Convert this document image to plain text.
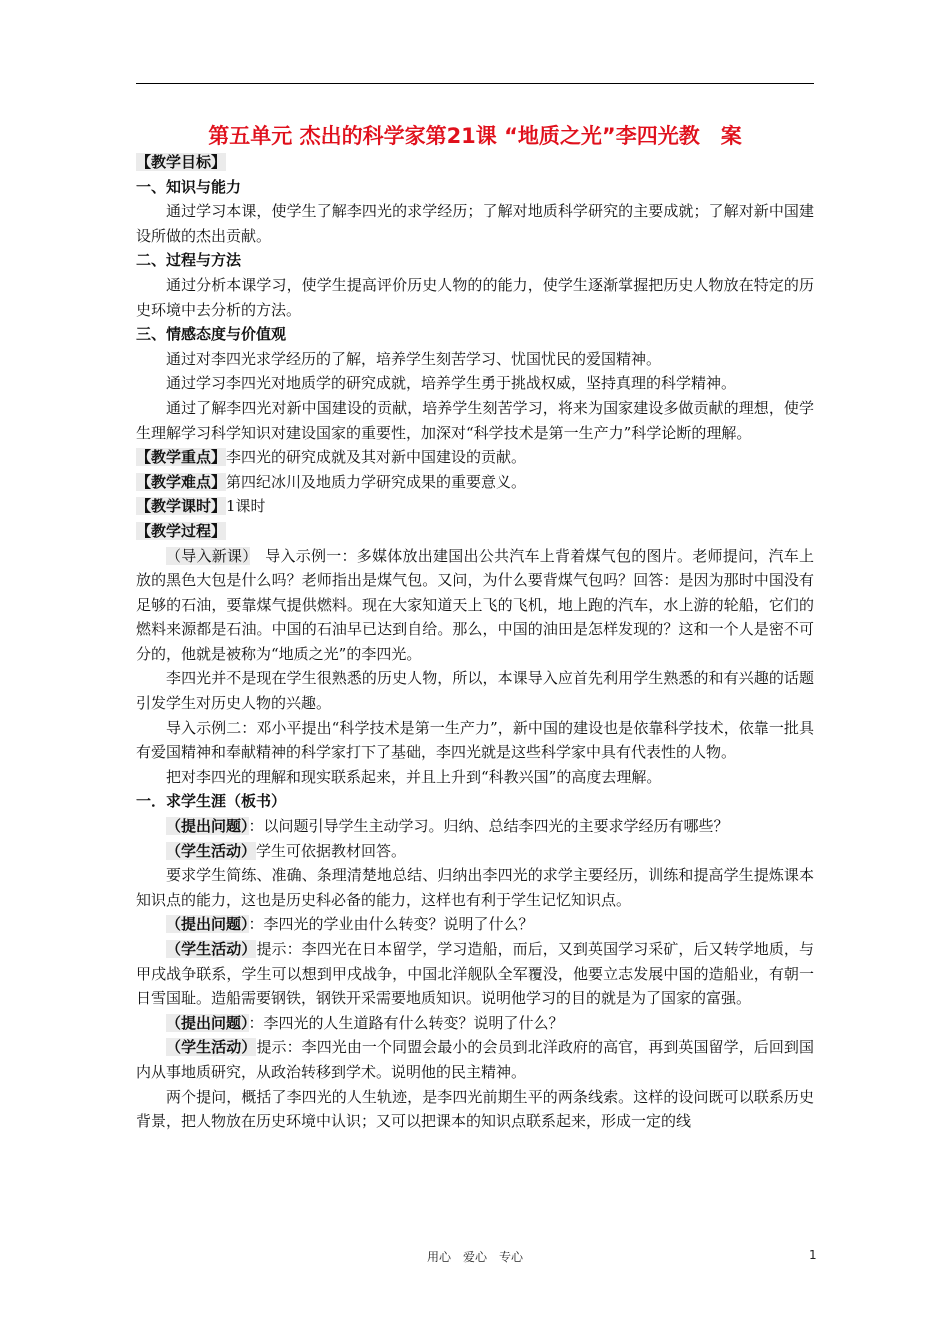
第五单元 杰出的科学家第21课 “地质之光”李四光教　案

【教学目标】

一、知识与能力

通过学习本课，使学生了解李四光的求学经历；了解对地质科学研究的主要成就；了解对新中国建设所做的杰出贡献。

二、过程与方法

通过分析本课学习，使学生提高评价历史人物的的能力，使学生逐渐掌握把历史人物放在特定的历史环境中去分析的方法。

三、情感态度与价值观

通过对李四光求学经历的了解，培养学生刻苦学习、忧国忧民的爱国精神。

通过学习李四光对地质学的研究成就，培养学生勇于挑战权威，坚持真理的科学精神。

通过了解李四光对新中国建设的贡献，培养学生刻苦学习，将来为国家建设多做贡献的理想，使学生理解学习科学知识对建设国家的重要性，加深对“科学技术是第一生产力”科学论断的理解。

【教学重点】李四光的研究成就及其对新中国建设的贡献。

【教学难点】第四纪冰川及地质力学研究成果的重要意义。

【教学课时】1课时

【教学过程】

（导入新课）　导入示例一：多媒体放出建国出公共汽车上背着煤气包的图片。老师提问，汽车上放的黑色大包是什么吗？老师指出是煤气包。又问，为什么要背煤气包吗？回答：是因为那时中国没有足够的石油，要靠煤气提供燃料。现在大家知道天上飞的飞机，地上跑的汽车，水上游的轮船，它们的燃料来源都是石油。中国的石油早已达到自给。那么，中国的油田是怎样发现的？这和一个人是密不可分的，他就是被称为“地质之光”的李四光。

李四光并不是现在学生很熟悉的历史人物，所以，本课导入应首先利用学生熟悉的和有兴趣的话题引发学生对历史人物的兴趣。

导入示例二：邓小平提出“科学技术是第一生产力”，新中国的建设也是依靠科学技术，依靠一批具有爱国精神和奉献精神的科学家打下了基础，李四光就是这些科学家中具有代表性的人物。

把对李四光的理解和现实联系起来，并且上升到“科教兴国”的高度去理解。

一．求学生涯（板书）

（提出问题）：以问题引导学生主动学习。归纳、总结李四光的主要求学经历有哪些？

（学生活动）学生可依据教材回答。

要求学生简练、准确、条理清楚地总结、归纳出李四光的求学主要经历，训练和提高学生提炼课本知识点的能力，这也是历史科必备的能力，这样也有利于学生记忆知识点。

（提出问题）：李四光的学业由什么转变？说明了什么？

（学生活动）提示：李四光在日本留学，学习造船，而后，又到英国学习采矿，后又转学地质，与甲戌战争联系，学生可以想到甲戌战争，中国北洋舰队全军覆没，他要立志发展中国的造船业，有朝一日雪国耻。造船需要钢铁，钢铁开采需要地质知识。说明他学习的目的就是为了国家的富强。

（提出问题）：李四光的人生道路有什么转变？说明了什么？

（学生活动）提示：李四光由一个同盟会最小的会员到北洋政府的高官，再到英国留学，后回到国内从事地质研究，从政治转移到学术。说明他的民主精神。

两个提问，概括了李四光的人生轨迹，是李四光前期生平的两条线索。这样的设问既可以联系历史背景，把人物放在历史环境中认识；又可以把课本的知识点联系起来，形成一定的线

用心　爱心　专心	1
